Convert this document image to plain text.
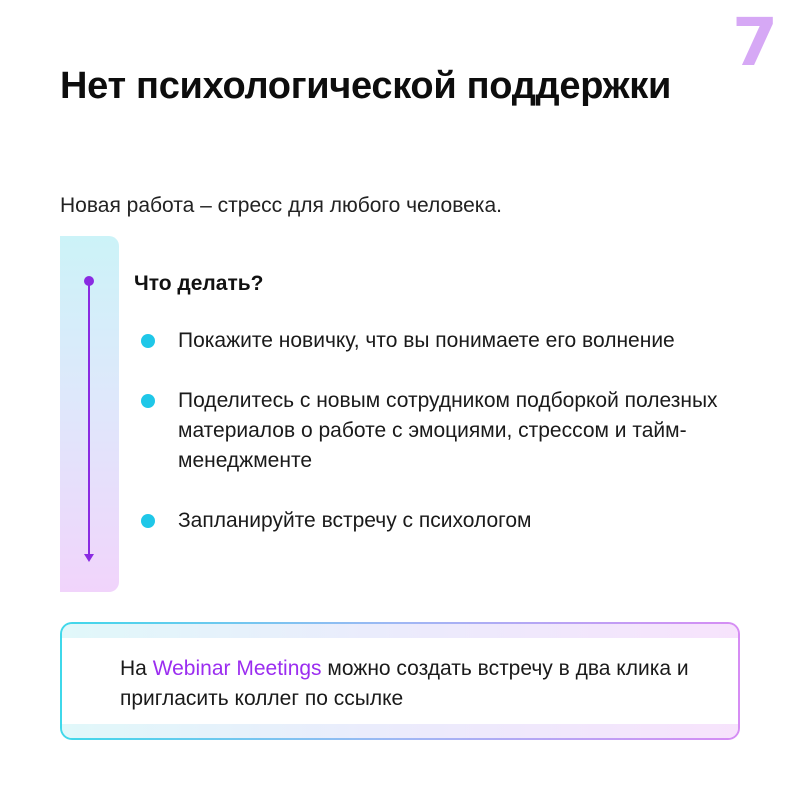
7
Нет психологической поддержки

Новая работа – стресс для любого человека.

Что делать?
Покажите новичку, что вы понимаете его волнение
Поделитесь с новым сотрудником подборкой полезных материалов о работе с эмоциями, стрессом и тайм-менеджменте
Запланируйте встречу с психологом

На Webinar Meetings можно создать встречу в два клика и пригласить коллег по ссылке
